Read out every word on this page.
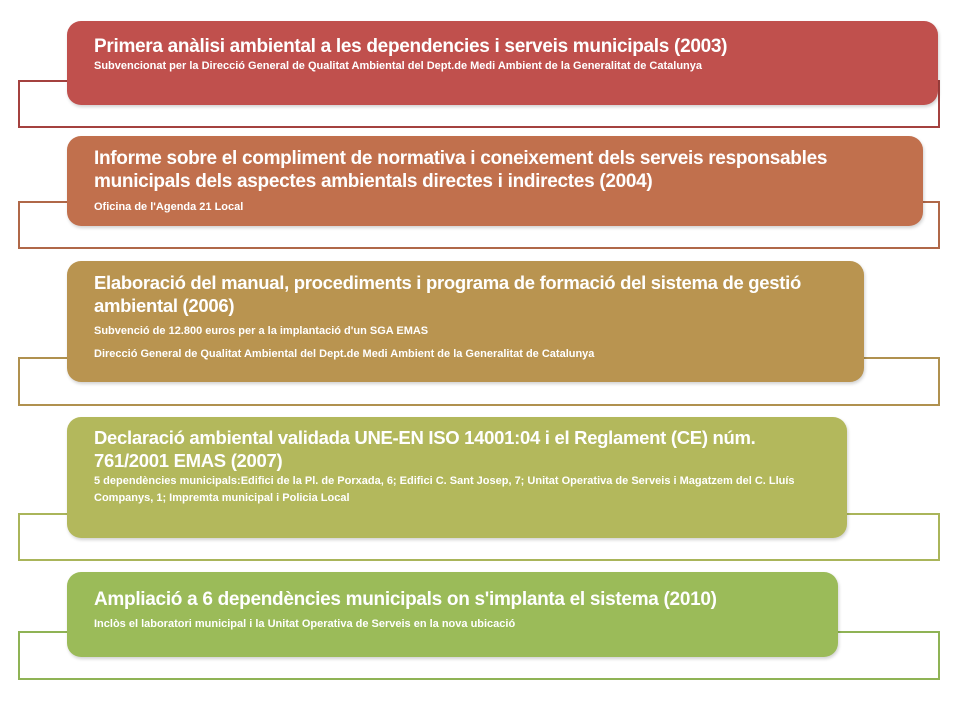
Primera anàlisi ambiental a les dependencies i serveis municipals (2003)

Subvencionat per la Direcció General de Qualitat Ambiental del Dept.de Medi Ambient de la Generalitat de Catalunya

Informe sobre el compliment de normativa i coneixement dels serveis responsables municipals dels aspectes ambientals directes i indirectes (2004)

Oficina de l'Agenda 21 Local

Elaboració del manual, procediments i programa de formació del sistema de gestió ambiental (2006)

Subvenció de 12.800 euros per a la implantació d'un SGA EMAS

Direcció General de Qualitat Ambiental del Dept.de Medi Ambient de la Generalitat de Catalunya

Declaració ambiental validada UNE-EN ISO 14001:04 i el Reglament (CE) núm. 761/2001 EMAS (2007)

5 dependències municipals:Edifici de la Pl. de Porxada, 6; Edifici C. Sant Josep, 7; Unitat Operativa de Serveis i Magatzem del C. Lluís Companys, 1; Impremta municipal i Policia Local

Ampliació a 6 dependències municipals on s'implanta el sistema (2010)

Inclòs el laboratori municipal i la Unitat Operativa de Serveis en la nova ubicació
